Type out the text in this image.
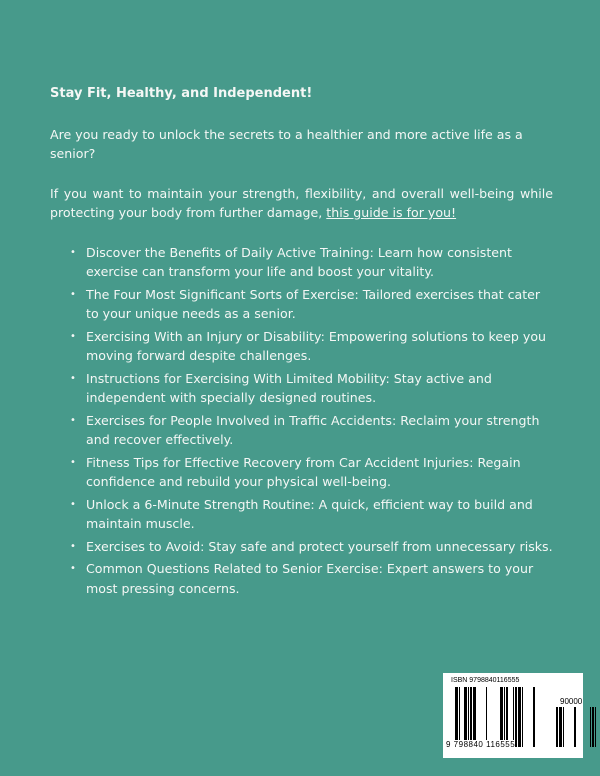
Stay Fit, Healthy, and Independent!

Are you ready to unlock the secrets to a healthier and more active life as a senior?

If you want to maintain your strength, flexibility, and overall well-being while protecting your body from further damage, this guide is for you!

• Discover the Benefits of Daily Active Training: Learn how consistent exercise can transform your life and boost your vitality.
• The Four Most Significant Sorts of Exercise: Tailored exercises that cater to your unique needs as a senior.
• Exercising With an Injury or Disability: Empowering solutions to keep you moving forward despite challenges.
• Instructions for Exercising With Limited Mobility: Stay active and independent with specially designed routines.
• Exercises for People Involved in Traffic Accidents: Reclaim your strength and recover effectively.
• Fitness Tips for Effective Recovery from Car Accident Injuries: Regain confidence and rebuild your physical well-being.
• Unlock a 6-Minute Strength Routine: A quick, efficient way to build and maintain muscle.
• Exercises to Avoid: Stay safe and protect yourself from unnecessary risks.
• Common Questions Related to Senior Exercise: Expert answers to your most pressing concerns.
ISBN 9798840116555
90000
9 798840 116555
